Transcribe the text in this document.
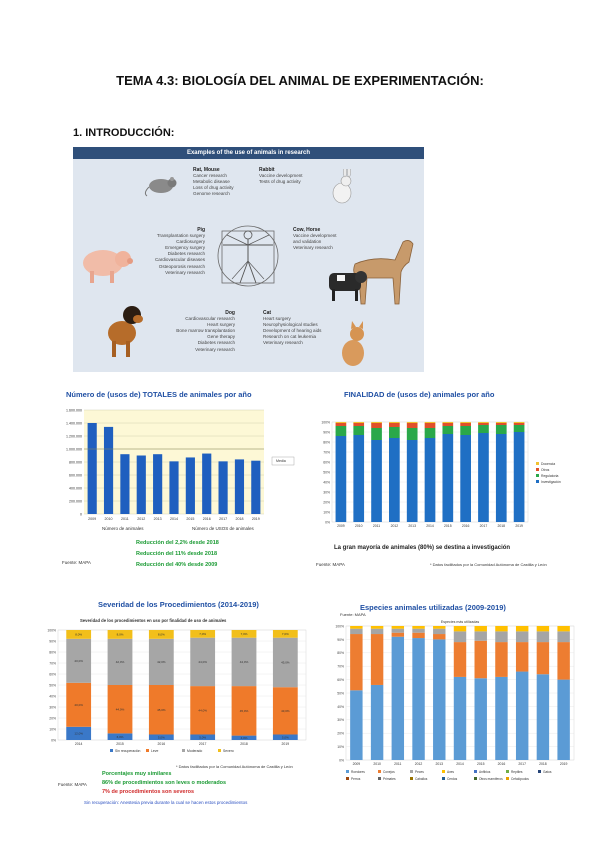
TEMA 4.3: BIOLOGÍA DEL ANIMAL DE EXPERIMENTACIÓN:
1. INTRODUCCIÓN:
Examples of the use of animals in research
Rat, Mouse
Cancer research
Metabolic disease
Loss of drug activity
Genome research
Rabbit
Vaccine development
Tests of drug activity
Pig
Transplantation surgery
Cardiosurgery
Emergency surgery
Diabetes research
Cardiovascular diseases
Osteoporosis research
Veterinary research
Cow, Horse
Vaccine development
and validation
Veterinary research
Dog
Cardiovascular research
Heart surgery
Bone marrow transplantation
Gene therapy
Diabetes research
Veterinary research
Cat
Heart surgery
Neurophysiological studies
Development of hearing aids
Research on cat leukemia
Veterinary research
Número de (usos de) TOTALES de animales por año
0
200.000
400.000
600.000
800.000
1.000.000
1.200.000
1.400.000
1.600.000
2009 2010 2011 2012 2013 2014 2015 2016 2017 2018 2019
Media
Número de animales	Número de USOS de animales
Reducción del 2,2% desde 2018
Reducción del 11% desde 2018
Reducción del 40% desde 2009
Fuente: MAPA
FINALIDAD de (usos de) animales por año
0%
10%
20%
30%
40%
50%
60%
70%
80%
90%
100%
2009	2010	2011	2012	2013	2014	2015	2016	2017	2018	2019
Docencia
Otros
Regulatoria
Investigación
La gran mayoría de animales (80%) se destina a investigación
Fuente: MAPA	* Datos facilitados por la Comunidad Autónoma de Castilla y León
Severidad de los Procedimientos (2014-2019)
Severidad de los procedimientos en uso por finalidad de uso de animales
0%
10%
20%
30%
40%
50%
60%
70%
80%
90%
100%
12,0%
40,0%
40,0%
8,0%
2014
6,0%
44,0%
42,0%
8,0%
2015
5,0%
45,0%
42,0%
8,0%
2016
5,0%
44,0%
44,0%
7,0%
2017
4,0%
45,0%
44,0%
7,0%
2018
5,0%
43,0%
45,0%
7,0%
2019
Sin recuperación	Leve	Moderado	Severo
* Datos facilitados por la Comunidad Autónoma de Castilla y León
Fuente: MAPA
Porcentajes muy similares
86% de procedimientos son leves o moderados
7% de procedimientos son severos
Sin recuperación: Anestesia previa durante la cual se hacen estos procedimientos
Especies animales utilizadas (2009-2019)
Fuente: MAPA
0%
10%
20%
30%
40%
50%
60%
70%
80%
90%
100%
2009	2010	2011	2012	2013	2014	2015	2016	2017	2018	2019
Especies más utilizadas
Roedores	Conejos	Peces	Aves	Anfibios	Reptiles	Gatos
Perros	Primates	Caballos	Cerdos	Otros mamíferos	Cefalópodos
